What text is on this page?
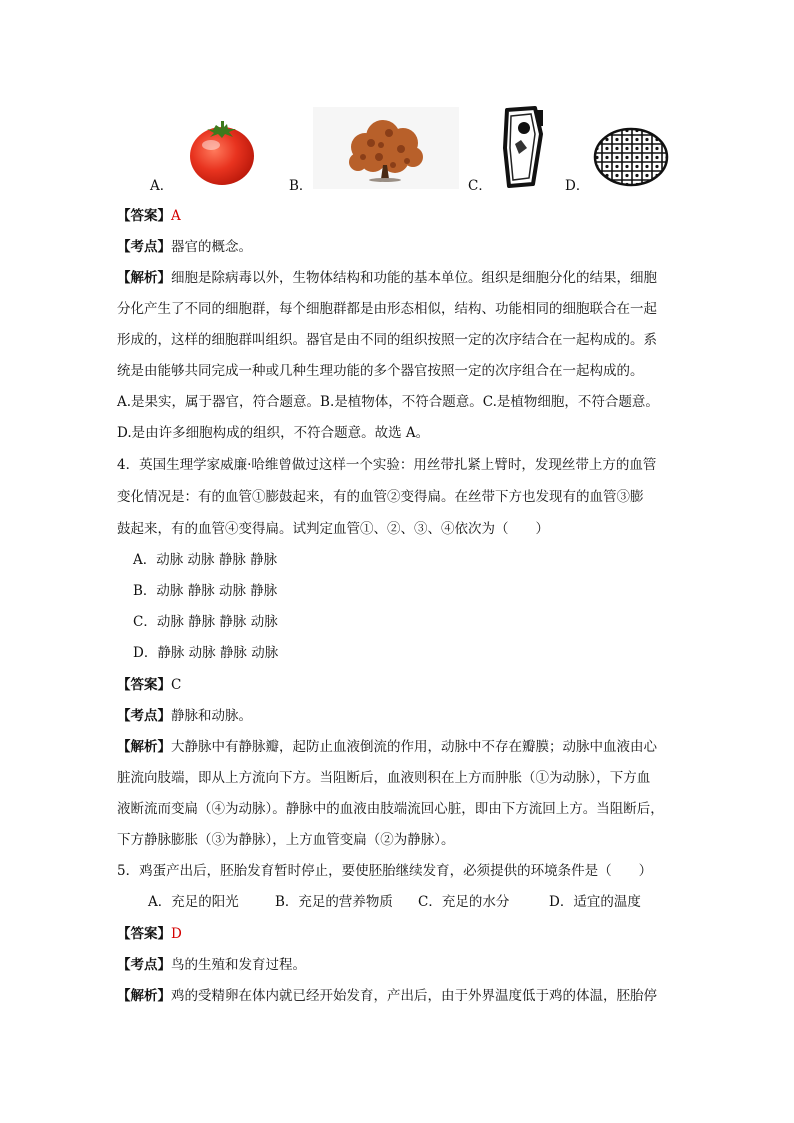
A．	B．	C．	D．
【答案】A
【考点】器官的概念。
【解析】细胞是除病毒以外，生物体结构和功能的基本单位。组织是细胞分化的结果，细胞
分化产生了不同的细胞群，每个细胞群都是由形态相似，结构、功能相同的细胞联合在一起
形成的，这样的细胞群叫组织。器官是由不同的组织按照一定的次序结合在一起构成的。系
统是由能够共同完成一种或几种生理功能的多个器官按照一定的次序组合在一起构成的。
A.是果实，属于器官，符合题意。B.是植物体，不符合题意。C.是植物细胞，不符合题意。
D.是由许多细胞构成的组织，不符合题意。故选 A。
4．英国生理学家威廉·哈维曾做过这样一个实验：用丝带扎紧上臂时，发现丝带上方的血管
变化情况是：有的血管①膨鼓起来，有的血管②变得扁。在丝带下方也发现有的血管③膨
鼓起来，有的血管④变得扁。试判定血管①、②、③、④依次为（　　）
A．动脉 动脉 静脉 静脉
B．动脉 静脉 动脉 静脉
C．动脉 静脉 静脉 动脉
D．静脉 动脉 静脉 动脉
【答案】C
【考点】静脉和动脉。
【解析】大静脉中有静脉瓣，起防止血液倒流的作用，动脉中不存在瓣膜；动脉中血液由心
脏流向肢端，即从上方流向下方。当阻断后，血液则积在上方而肿胀（①为动脉），下方血
液断流而变扁（④为动脉）。静脉中的血液由肢端流回心脏，即由下方流回上方。当阻断后，
下方静脉膨胀（③为静脉），上方血管变扁（②为静脉）。
5．鸡蛋产出后，胚胎发育暂时停止，要使胚胎继续发育，必须提供的环境条件是（　　）
A．充足的阳光	B．充足的营养物质 C．充足的水分	D．适宜的温度
【答案】D
【考点】鸟的生殖和发育过程。
【解析】鸡的受精卵在体内就已经开始发育，产出后，由于外界温度低于鸡的体温，胚胎停
